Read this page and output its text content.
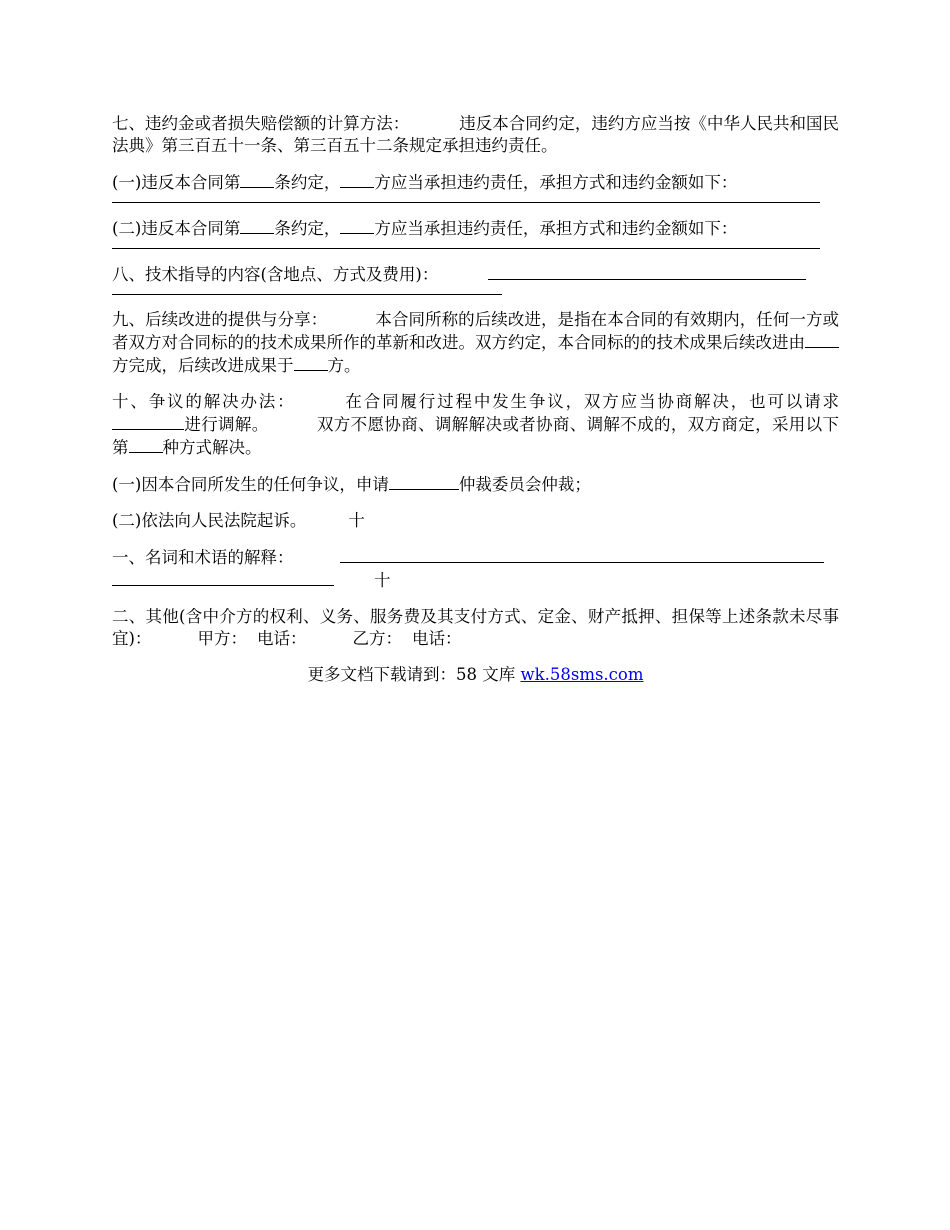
七、违约金或者损失赔偿额的计算方法：	违反本合同约定，违约方应当按《中华人民共和国民法典》第三百五十一条、第三百五十二条规定承担违约责任。

(一)违反本合同第 条约定， 方应当承担违约责任，承担方式和违约金额如下：
(二)违反本合同第 条约定， 方应当承担违约责任，承担方式和违约金额如下：
八、技术指导的内容(含地点、方式及费用)：

九、后续改进的提供与分享：	本合同所称的后续改进，是指在本合同的有效期内，任何一方或者双方对合同标的的技术成果所作的革新和改进。双方约定，本合同标的的技术成果后续改进由方完成，后续改进成果于 方。

十、争议的解决办法：	在合同履行过程中发生争议，双方应当协商解决，也可以请求进行调解。	双方不愿协商、调解解决或者协商、调解不成的，双方商定，采用以下第 种方式解决。

(一)因本合同所发生的任何争议，申请	仲裁委员会仲裁；

(二)依法向人民法院起诉。	十

一、名词和术语的解释：
十

二、其他(含中介方的权利、义务、服务费及其支付方式、定金、财产抵押、担保等上述条款未尽事宜)：	甲方： 电话：	乙方： 电话：

更多文档下载请到：58 文库 wk.58sms.com
